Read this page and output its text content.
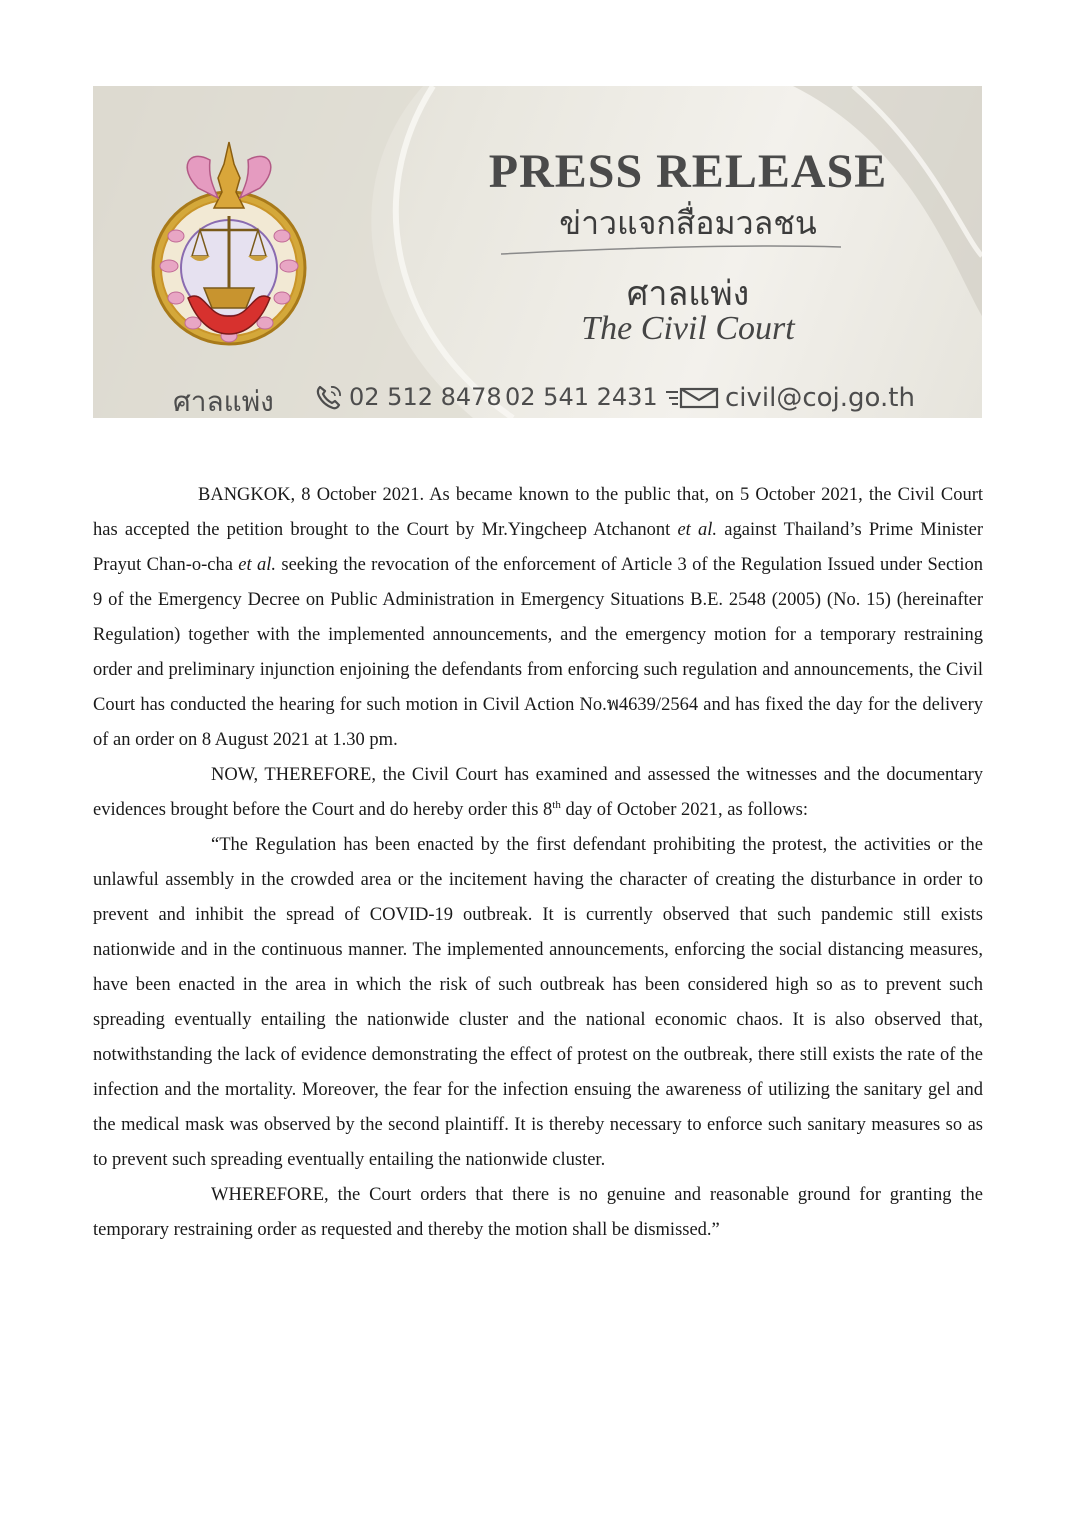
PRESS RELEASE
ข่าวแจกสื่อมวลชน
ศาลแพ่ง
The Civil Court
ศาลแพ่ง	02 512 8478 02 541 2431	civil@coj.go.th

BANGKOK, 8 October 2021. As became known to the public that, on 5 October 2021, the Civil Court has accepted the petition brought to the Court by Mr.Yingcheep Atchanont et al. against Thailand’s Prime Minister Prayut Chan-o-cha et al. seeking the revocation of the enforcement of Article 3 of the Regulation Issued under Section 9 of the Emergency Decree on Public Administration in Emergency Situations B.E. 2548 (2005) (No. 15) (hereinafter Regulation) together with the implemented announcements, and the emergency motion for a temporary restraining order and preliminary injunction enjoining the defendants from enforcing such regulation and announcements, the Civil Court has conducted the hearing for such motion in Civil Action No.พ4639/2564 and has fixed the day for the delivery of an order on 8 August 2021 at 1.30 pm.

NOW, THEREFORE, the Civil Court has examined and assessed the witnesses and the documentary evidences brought before the Court and do hereby order this 8th day of October 2021, as follows:

“The Regulation has been enacted by the first defendant prohibiting the protest, the activities or the unlawful assembly in the crowded area or the incitement having the character of creating the disturbance in order to prevent and inhibit the spread of COVID-19 outbreak. It is currently observed that such pandemic still exists nationwide and in the continuous manner. The implemented announcements, enforcing the social distancing measures, have been enacted in the area in which the risk of such outbreak has been considered high so as to prevent such spreading eventually entailing the nationwide cluster and the national economic chaos. It is also observed that, notwithstanding the lack of evidence demonstrating the effect of protest on the outbreak, there still exists the rate of the infection and the mortality. Moreover, the fear for the infection ensuing the awareness of utilizing the sanitary gel and the medical mask was observed by the second plaintiff. It is thereby necessary to enforce such sanitary measures so as to prevent such spreading eventually entailing the nationwide cluster.

WHEREFORE, the Court orders that there is no genuine and reasonable ground for granting the temporary restraining order as requested and thereby the motion shall be dismissed.”
